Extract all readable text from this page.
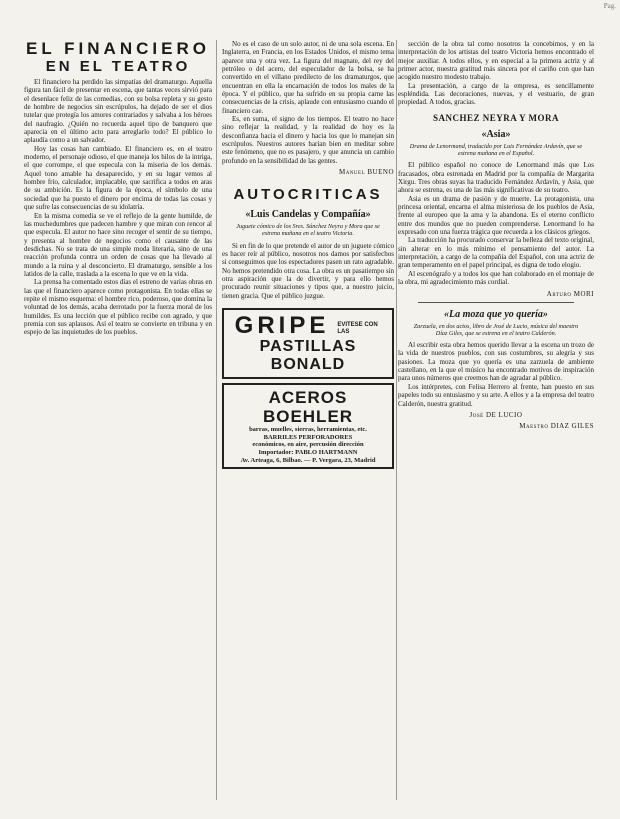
Pag.
EL FINANCIERO
EN EL TEATRO

El financiero ha perdido las simpatías del dramaturgo. Aquella figura tan fácil de presentar en escena, que tantas veces sirvió para el desenlace feliz de las comedias, con su bolsa repleta y su gesto de hombre de negocios sin escrúpulos, ha dejado de ser el dios tutelar que protegía los amores contrariados y salvaba a los héroes del naufragio. ¿Quién no recuerda aquel tipo de banquero que aparecía en el último acto para arreglarlo todo? El público lo aplaudía como a un salvador.

Hoy las cosas han cambiado. El financiero es, en el teatro moderno, el personaje odioso, el que maneja los hilos de la intriga, el que corrompe, el que especula con la miseria de los demás. Aquel tono amable ha desaparecido, y en su lugar vemos al hombre frío, calculador, implacable, que sacrifica a todos en aras de su ambición. Es la figura de la época, el símbolo de una sociedad que ha puesto el dinero por encima de todas las cosas y que sufre las consecuencias de su idolatría.

En la misma comedia se ve el reflejo de la gente humilde, de las muchedumbres que padecen hambre y que miran con rencor al que especula. El autor no hace sino recoger el sentir de su tiempo, y presenta al hombre de negocios como el causante de las desdichas. No se trata de una simple moda literaria, sino de una reacción profunda contra un orden de cosas que ha llevado al mundo a la ruina y al desconcierto. El dramaturgo, sensible a los latidos de la calle, traslada a la escena lo que ve en la vida.

La prensa ha comentado estos días el estreno de varias obras en las que el financiero aparece como protagonista. En todas ellas se repite el mismo esquema: el hombre rico, poderoso, que domina la voluntad de los demás, acaba derrotado por la fuerza moral de los humildes. Es una lección que el público recibe con agrado, y que premia con sus aplausos. Así el teatro se convierte en tribuna y en espejo de las inquietudes de los pueblos.

No es el caso de un solo autor, ni de una sola escena. En Inglaterra, en Francia, en los Estados Unidos, el mismo tema aparece una y otra vez. La figura del magnate, del rey del petróleo o del acero, del especulador de la bolsa, se ha convertido en el villano predilecto de los dramaturgos, que encuentran en ella la encarnación de todos los males de la época. Y el público, que ha sufrido en su propia carne las consecuencias de la crisis, aplaude con entusiasmo cuando el financiero cae.

Es, en suma, el signo de los tiempos. El teatro no hace sino reflejar la realidad, y la realidad de hoy es la desconfianza hacia el dinero y hacia los que lo manejan sin escrúpulos. Nuestros autores harían bien en meditar sobre este fenómeno, que no es pasajero, y que anuncia un cambio profundo en la sensibilidad de las gentes.

Manuel BUENO

AUTOCRITICAS
«Luis Candelas y Compañía»
Juguete cómico de los Sres. Sánchez Neyra y Mora que se estrena mañana en el teatro Victoria.

Si en fin de lo que pretende el autor de un juguete cómico es hacer reír al público, nosotros nos damos por satisfechos si conseguimos que los espectadores pasen un rato agradable. No hemos pretendido otra cosa. La obra es un pasatiempo sin otra aspiración que la de divertir, y para ello hemos procurado reunir situaciones y tipos que, a nuestro juicio, tienen gracia. Que el público juzgue.

GRIPE EVITESE CON LAS
PASTILLAS BONALD
ACEROS BOEHLER

barras, muelles, sierras, herramientas, etc.

BARRILES PERFORADORES

económicos, en aire, percusión dirección

Importador: PABLO HARTMANN

Av. Arteaga, 6, Bilbao. — P. Vergara, 23, Madrid

sección de la obra tal como nosotros la concebimos, y en la interpretación de los artistas del teatro Victoria hemos encontrado el mejor auxiliar. A todos ellos, y en especial a la primera actriz y al primer actor, nuestra gratitud más sincera por el cariño con que han acogido nuestro modesto trabajo.

La presentación, a cargo de la empresa, es sencillamente espléndida. Las decoraciones, nuevas, y el vestuario, de gran propiedad. A todos, gracias.

SANCHEZ NEYRA Y MORA
«Asia»
Drama de Lenormand, traducido por Luis Fernández Ardavín, que se estrena mañana en el Español.

El público español no conoce de Lenormand más que Los fracasados, obra estrenada en Madrid por la compañía de Margarita Xirgu. Tres obras suyas ha traducido Fernández Ardavín, y Asia, que ahora se estrena, es una de las más significativas de su teatro.

Asia es un drama de pasión y de muerte. La protagonista, una princesa oriental, encarna el alma misteriosa de los pueblos de Asia, frente al europeo que la ama y la abandona. Es el eterno conflicto entre dos mundos que no pueden comprenderse. Lenormand lo ha expresado con una fuerza trágica que recuerda a los clásicos griegos.

La traducción ha procurado conservar la belleza del texto original, sin alterar en lo más mínimo el pensamiento del autor. La interpretación, a cargo de la compañía del Español, con una actriz de gran temperamento en el papel principal, es digna de todo elogio.

Al escenógrafo y a todos los que han colaborado en el montaje de la obra, mi agradecimiento más cordial.

Arturo MORI

«La moza que yo quería»
Zarzuela, en dos actos, libro de José de Lucio, música del maestro Díaz Giles, que se estrena en el teatro Calderón.

Al escribir esta obra hemos querido llevar a la escena un trozo de la vida de nuestros pueblos, con sus costumbres, su alegría y sus pasiones. La moza que yo quería es una zarzuela de ambiente castellano, en la que el músico ha encontrado motivos de inspiración para unos números que creemos han de agradar al público.

Los intérpretes, con Felisa Herrero al frente, han puesto en sus papeles todo su entusiasmo y su arte. A ellos y a la empresa del teatro Calderón, nuestra gratitud.

José DE LUCIO

Maestro DIAZ GILES
